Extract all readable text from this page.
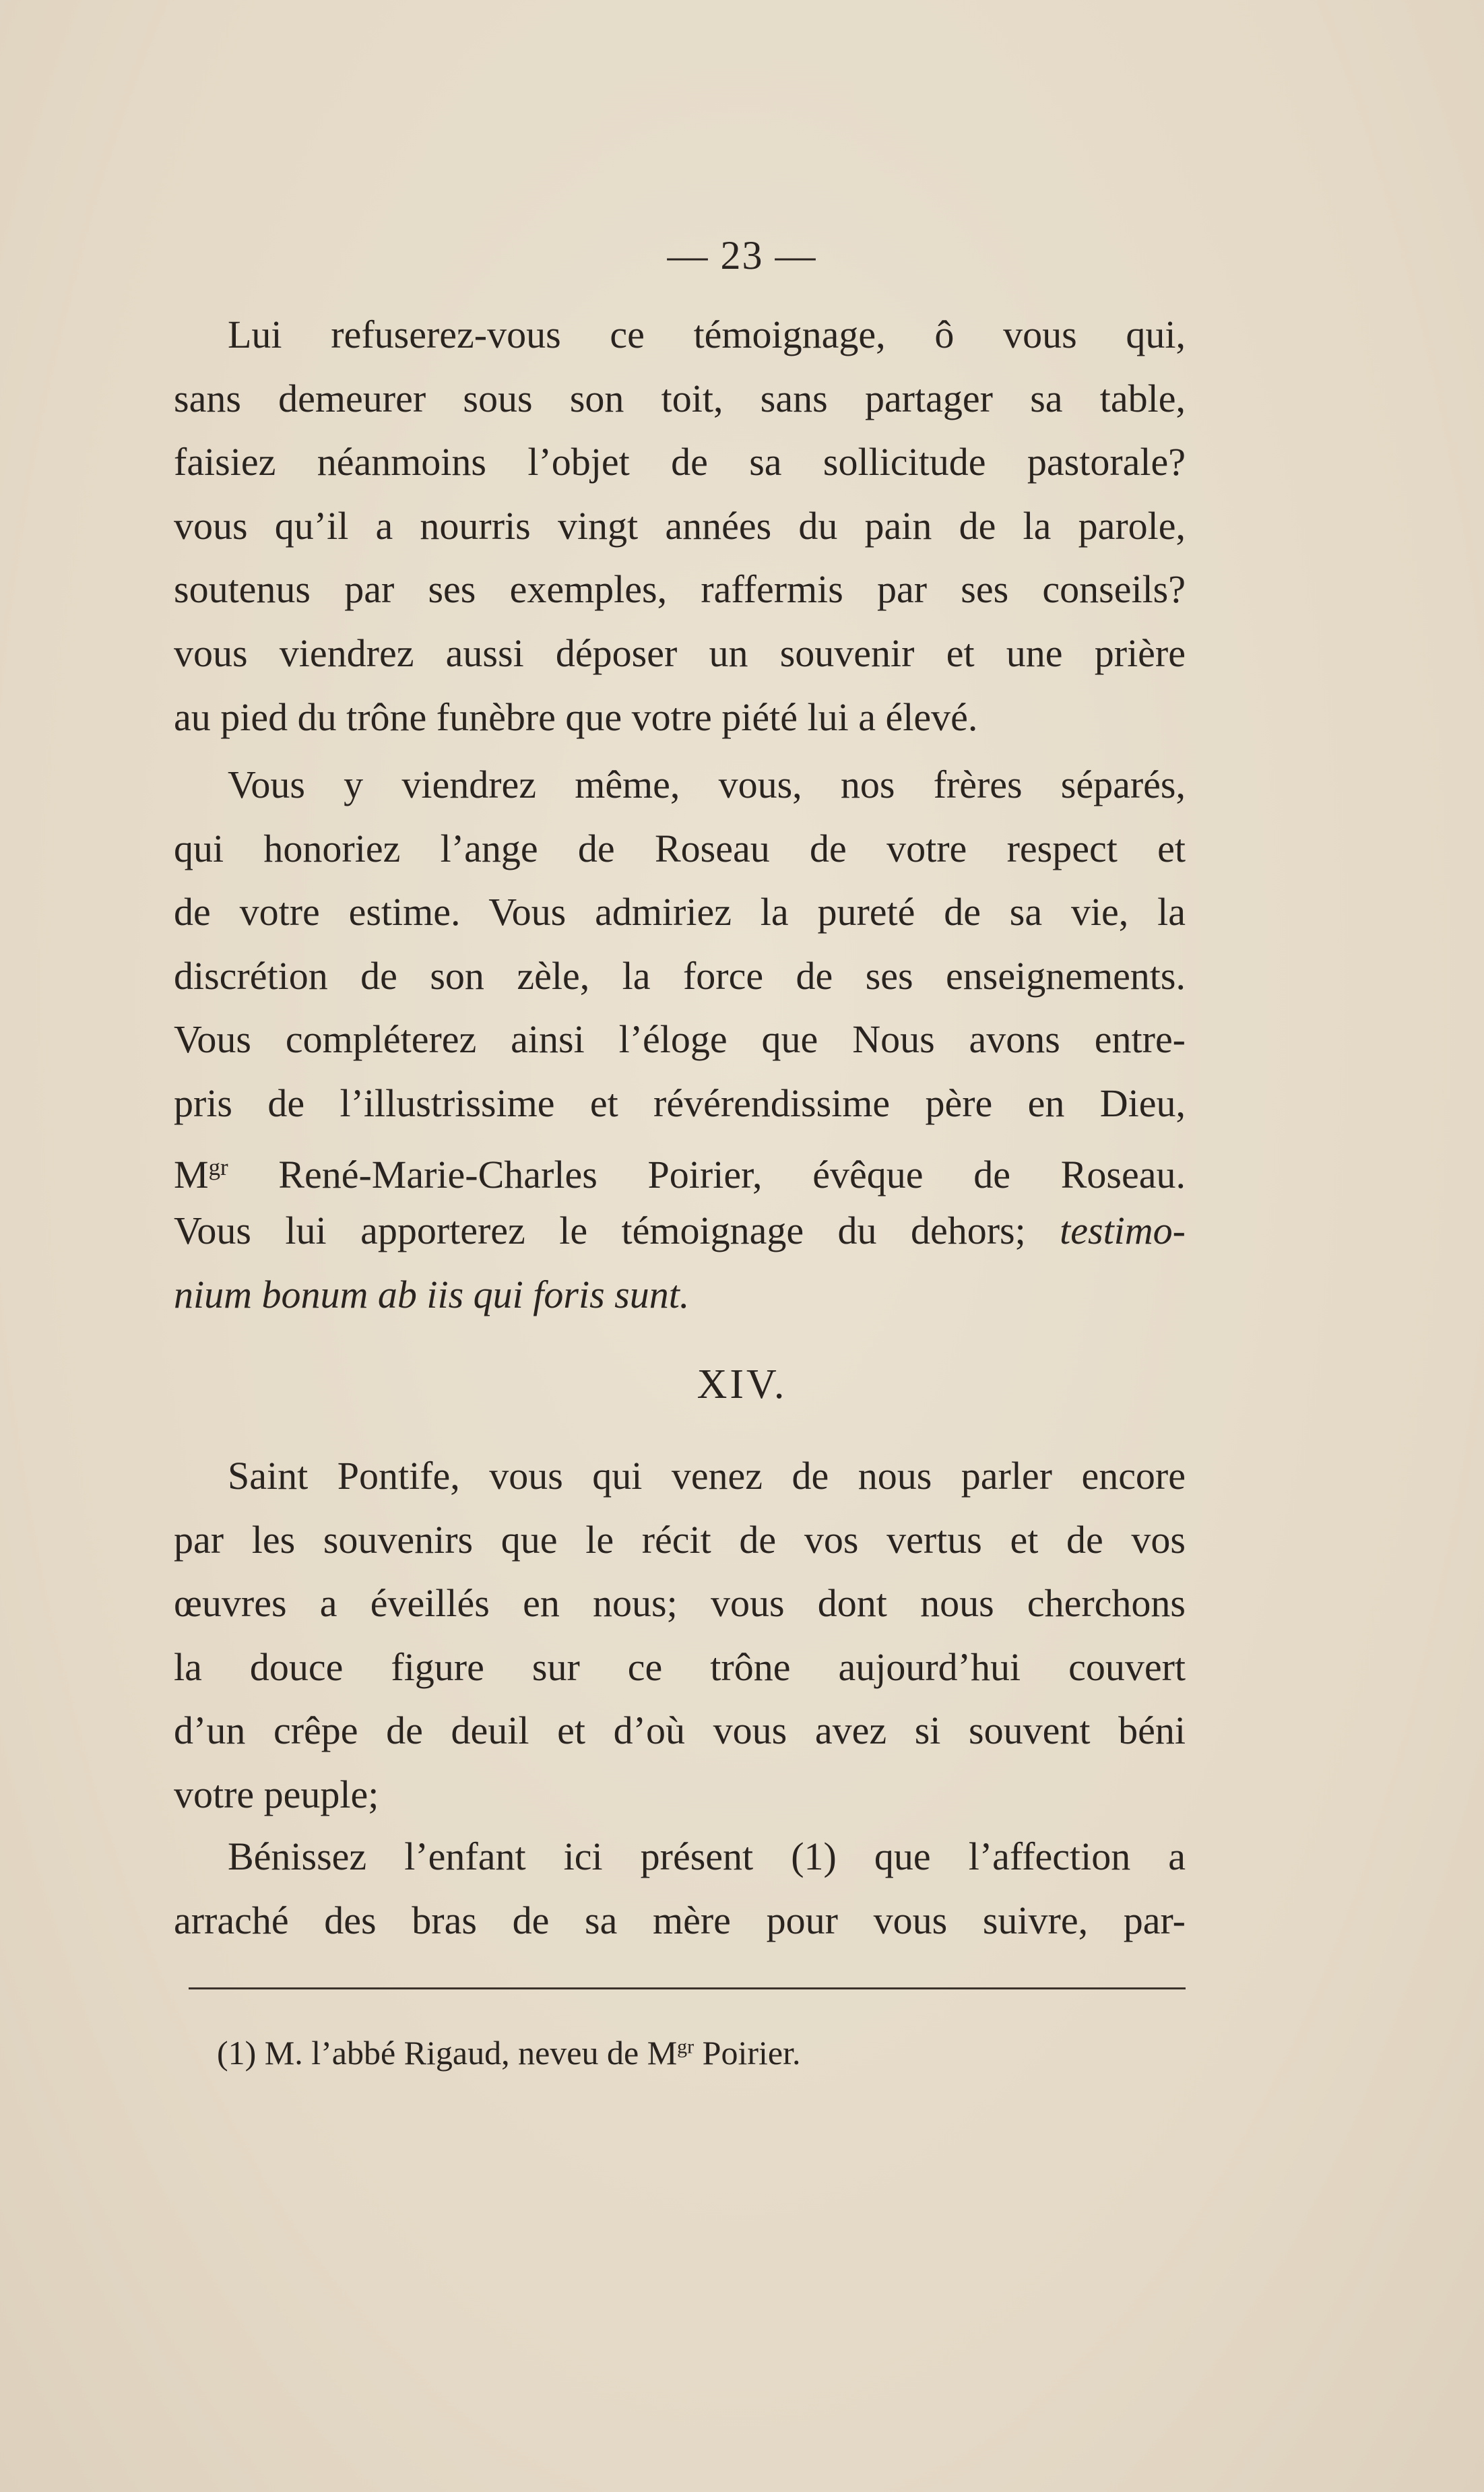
— 23 —
Lui refuserez-vous ce témoignage, ô vous qui,
sans demeurer sous son toit, sans partager sa table,
faisiez néanmoins l’objet de sa sollicitude pastorale?
vous qu’il a nourris vingt années du pain de la parole,
soutenus par ses exemples, raffermis par ses conseils?
vous viendrez aussi déposer un souvenir et une prière
au pied du trône funèbre que votre piété lui a élevé.
Vous y viendrez même, vous, nos frères séparés,
qui honoriez l’ange de Roseau de votre respect et
de votre estime. Vous admiriez la pureté de sa vie, la
discrétion de son zèle, la force de ses enseignements.
Vous compléterez ainsi l’éloge que Nous avons entre-
pris de l’illustrissime et révérendissime père en Dieu,
$M^{gr}$ René-Marie-Charles Poirier, évêque de Roseau.
Vous lui apporterez le témoignage du dehors; testimo-
nium bonum ab iis qui foris sunt.
XIV.
Saint Pontife, vous qui venez de nous parler encore
par les souvenirs que le récit de vos vertus et de vos
œuvres a éveillés en nous; vous dont nous cherchons
la douce figure sur ce trône aujourd’hui couvert
d’un crêpe de deuil et d’où vous avez si souvent béni
votre peuple;
Bénissez l’enfant ici présent (1) que l’affection a
arraché des bras de sa mère pour vous suivre, par-
(1) M. l’abbé Rigaud, neveu de $M^{gr}$ Poirier.
